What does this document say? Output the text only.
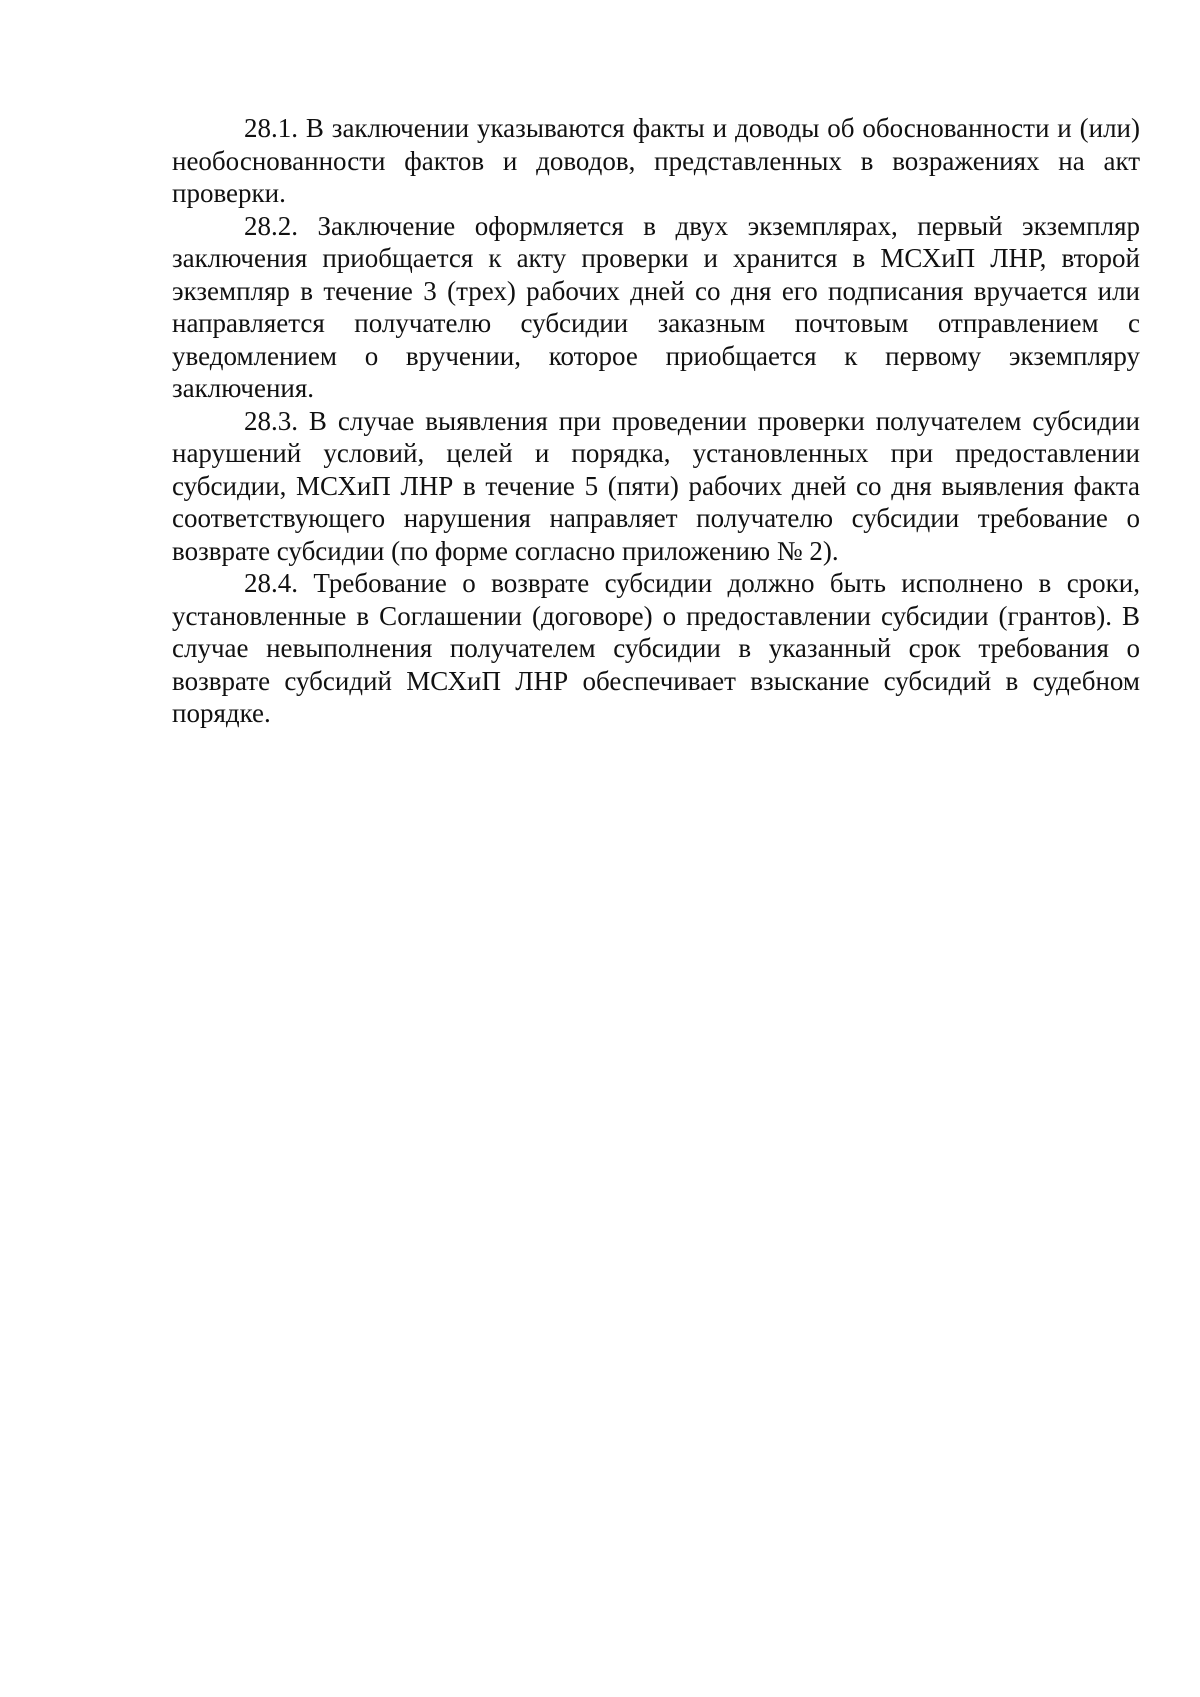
28.1. В заключении указываются факты и доводы об обоснованности и (или) необоснованности фактов и доводов, представленных в возражениях на акт проверки.

28.2. Заключение оформляется в двух экземплярах, первый экземпляр заключения приобщается к акту проверки и хранится в МСХиП ЛНР, второй экземпляр в течение 3 (трех) рабочих дней со дня его подписания вручается или направляется получателю субсидии заказным почтовым отправлением с уведомлением о вручении, которое приобщается к первому экземпляру заключения.

28.3. В случае выявления при проведении проверки получателем субсидии нарушений условий, целей и порядка, установленных при предоставлении субсидии, МСХиП ЛНР в течение 5 (пяти) рабочих дней со дня выявления факта соответствующего нарушения направляет получателю субсидии требование о возврате субсидии (по форме согласно приложению № 2).

28.4. Требование о возврате субсидии должно быть исполнено в сроки, установленные в Соглашении (договоре) о предоставлении субсидии (грантов). В случае невыполнения получателем субсидии в указанный срок требования о возврате субсидий МСХиП ЛНР обеспечивает взыскание субсидий в судебном порядке.
